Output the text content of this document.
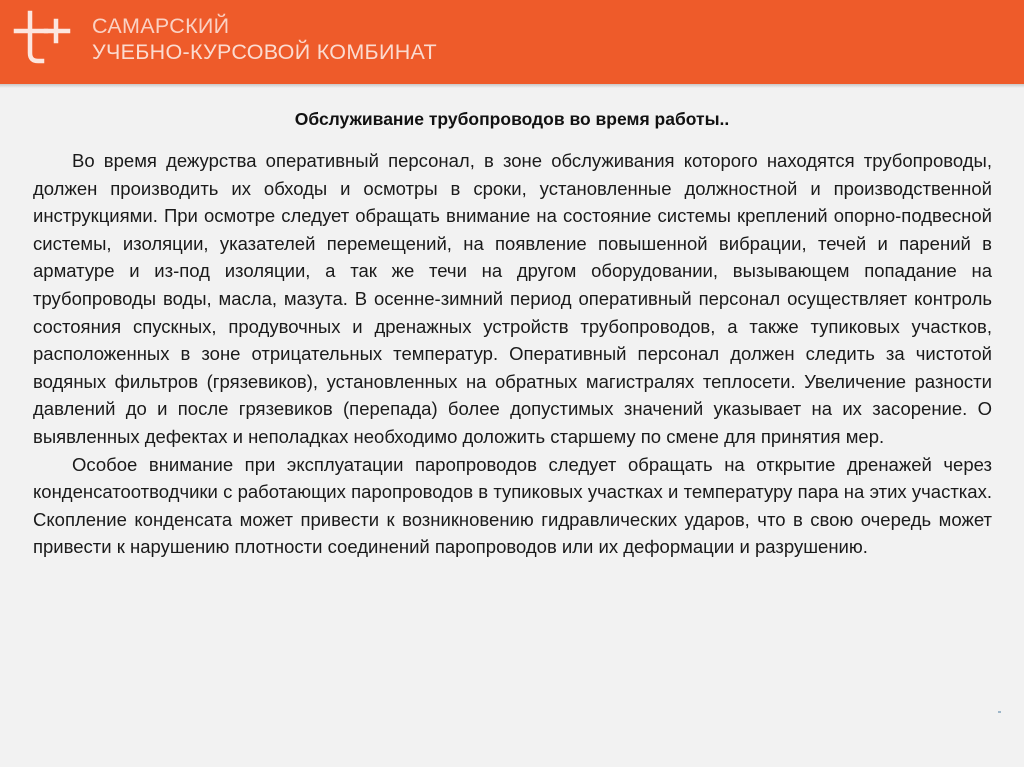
САМАРСКИЙ
УЧЕБНО-КУРСОВОЙ КОМБИНАТ
Обслуживание трубопроводов во время работы..

Во время дежурства оперативный персонал, в зоне обслуживания которого находятся трубопроводы, должен производить их обходы и осмотры в сроки, установленные должностной и производственной инструкциями. При осмотре следует обращать внимание на состояние системы креплений опорно-подвесной системы, изоляции, указателей перемещений, на появление повышенной вибрации, течей и парений в арматуре и из-под изоляции, а так же течи на другом оборудовании, вызывающем попадание на трубопроводы воды, масла, мазута. В осенне-зимний период оперативный персонал осуществляет контроль состояния спускных, продувочных и дренажных устройств трубопроводов, а также тупиковых участков, расположенных в зоне отрицательных температур. Оперативный персонал должен следить за чистотой водяных фильтров (грязевиков), установленных на обратных магистралях теплосети. Увеличение разности давлений до и после грязевиков (перепада) более допустимых значений указывает на их засорение. О выявленных дефектах и неполадках необходимо доложить старшему по смене для принятия мер.

Особое внимание при эксплуатации паропроводов следует обращать на открытие дренажей через конденсатоотводчики с работающих паропроводов в тупиковых участках и температуру пара на этих участках. Скопление конденсата может привести к возникновению гидравлических ударов, что в свою очередь может привести к нарушению плотности соединений паропроводов или их деформации и разрушению.
